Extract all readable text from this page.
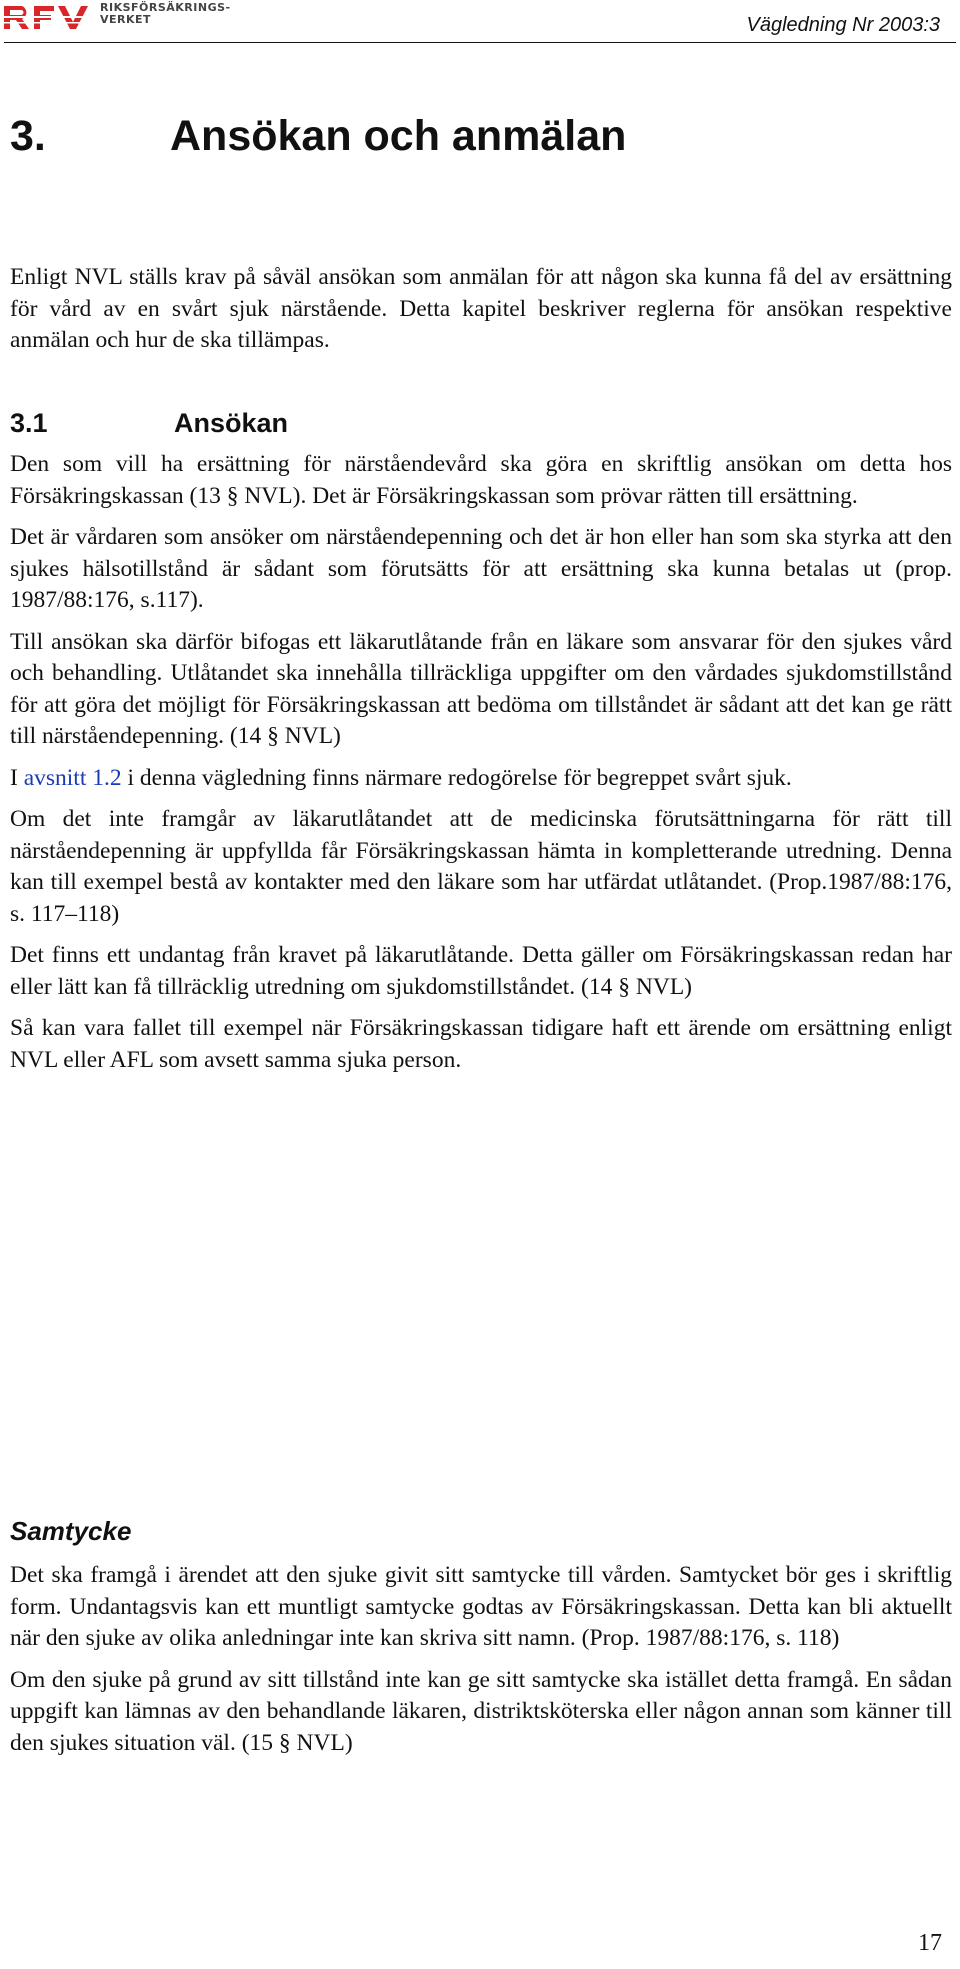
RIKSFÖRSÄKRINGS-
VERKET	Vägledning Nr 2003:3
3.	Ansökan och anmälan

Enligt NVL ställs krav på såväl ansökan som anmälan för att någon ska kunna få del av ersättning för vård av en svårt sjuk närstående. Detta kapitel beskriver reglerna för ansökan respektive anmälan och hur de ska tillämpas.

3.1	Ansökan

Den som vill ha ersättning för närståendevård ska göra en skriftlig ansökan om detta hos Försäkringskassan (13 § NVL). Det är Försäkringskassan som prövar rätten till ersättning.

Det är vårdaren som ansöker om närståendepenning och det är hon eller han som ska styrka att den sjukes hälsotillstånd är sådant som förutsätts för att ersättning ska kunna betalas ut (prop. 1987/88:176, s.117).

Till ansökan ska därför bifogas ett läkarutlåtande från en läkare som ansvarar för den sjukes vård och behandling. Utlåtandet ska innehålla tillräckliga uppgifter om den vårdades sjukdomstillstånd för att göra det möjligt för Försäkringskassan att bedöma om tillståndet är sådant att det kan ge rätt till närståendepenning. (14 § NVL)

I avsnitt 1.2 i denna vägledning finns närmare redogörelse för begreppet svårt sjuk.

Om det inte framgår av läkarutlåtandet att de medicinska förutsättningarna för rätt till närståendepenning är uppfyllda får Försäkringskassan hämta in kompletterande utredning. Denna kan till exempel bestå av kontakter med den läkare som har utfärdat utlåtandet. (Prop.1987/88:176, s. 117–118)

Det finns ett undantag från kravet på läkarutlåtande. Detta gäller om Försäkringskassan redan har eller lätt kan få tillräcklig utredning om sjukdomstillståndet. (14 § NVL)

Så kan vara fallet till exempel när Försäkringskassan tidigare haft ett ärende om ersättning enligt NVL eller AFL som avsett samma sjuka person.

Samtycke

Det ska framgå i ärendet att den sjuke givit sitt samtycke till vården. Samtycket bör ges i skriftlig form. Undantagsvis kan ett muntligt samtycke godtas av Försäkringskassan. Detta kan bli aktuellt när den sjuke av olika anledningar inte kan skriva sitt namn. (Prop. 1987/88:176, s. 118)

Om den sjuke på grund av sitt tillstånd inte kan ge sitt samtycke ska istället detta framgå. En sådan uppgift kan lämnas av den behandlande läkaren, distriktsköterska eller någon annan som känner till den sjukes situation väl. (15 § NVL)

17
